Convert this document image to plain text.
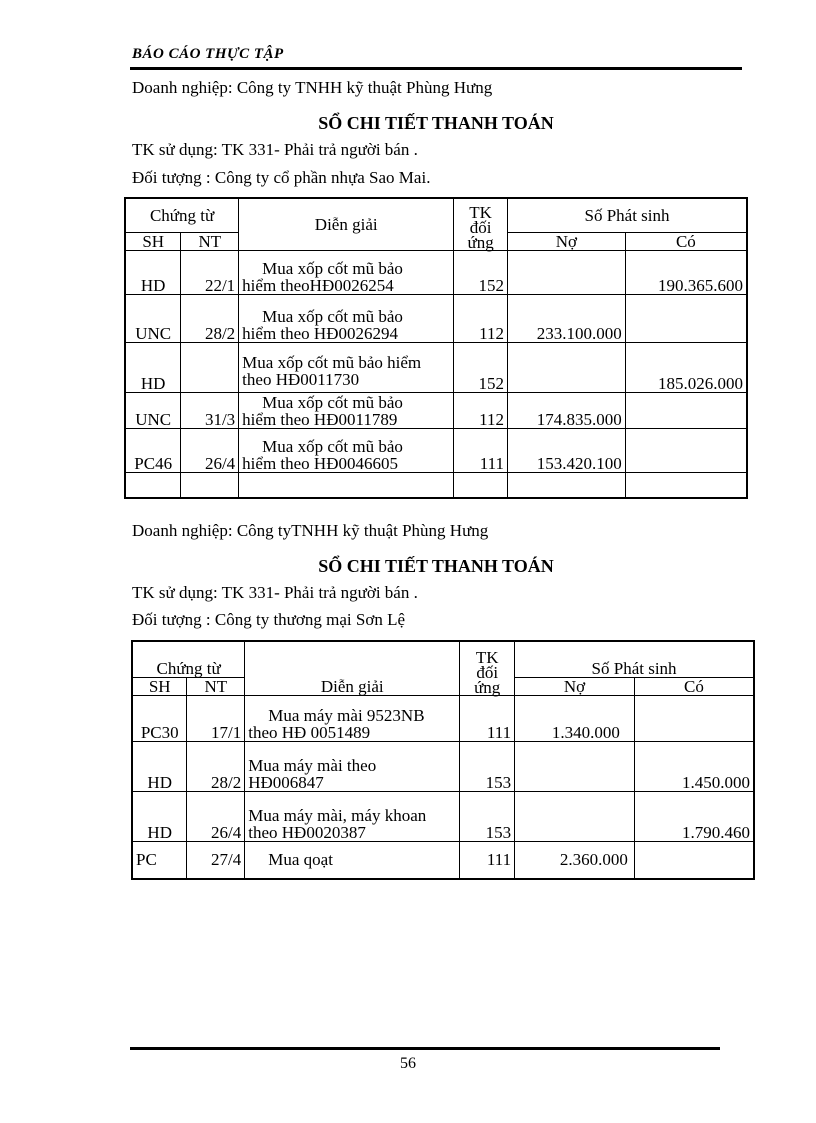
BÁO CÁO THỰC TẬP
Doanh nghiệp: Công ty TNHH kỹ thuật Phùng Hưng
SỔ CHI TIẾT THANH TOÁN
TK sử dụng: TK 331- Phải trả người bán .
Đối tượng : Công ty cổ phần nhựa Sao Mai.
Chứng từ		Diễn giải	TK
đối
ứng	Số Phát sinh	
SH	NT			Nợ	Có
HD	22/1	Mua xốp cốt mũ bảo
hiểm theoHĐ0026254	152		190.365.600
UNC	28/2	Mua xốp cốt mũ bảo
hiểm theo HĐ0026294	112	233.100.000	
HD		Mua xốp cốt mũ bảo hiểm
theo HĐ0011730	152		185.026.000
UNC	31/3	Mua xốp cốt mũ bảo
hiểm theo HĐ0011789	112	174.835.000	
PC46	26/4	Mua xốp cốt mũ bảo
hiểm theo HĐ0046605	111	153.420.100	

Doanh nghiệp: Công tyTNHH kỹ thuật Phùng Hưng
SỔ CHI TIẾT THANH TOÁN
TK sử dụng: TK 331- Phải trả người bán .
Đối tượng : Công ty thương mại Sơn Lệ
Chứng từ		Diễn giải	TK
đối
ứng	Số Phát sinh	
SH	NT			Nợ	Có
PC30	17/1	Mua máy mài 9523NB
theo HĐ 0051489	111	1.340.000	
HD	28/2	Mua máy mài theo
HĐ006847	153		1.450.000
HD	26/4	Mua máy mài, máy khoan
theo HĐ0020387	153		1.790.460
PC	27/4	Mua qoạt	111	2.360.000	
56
